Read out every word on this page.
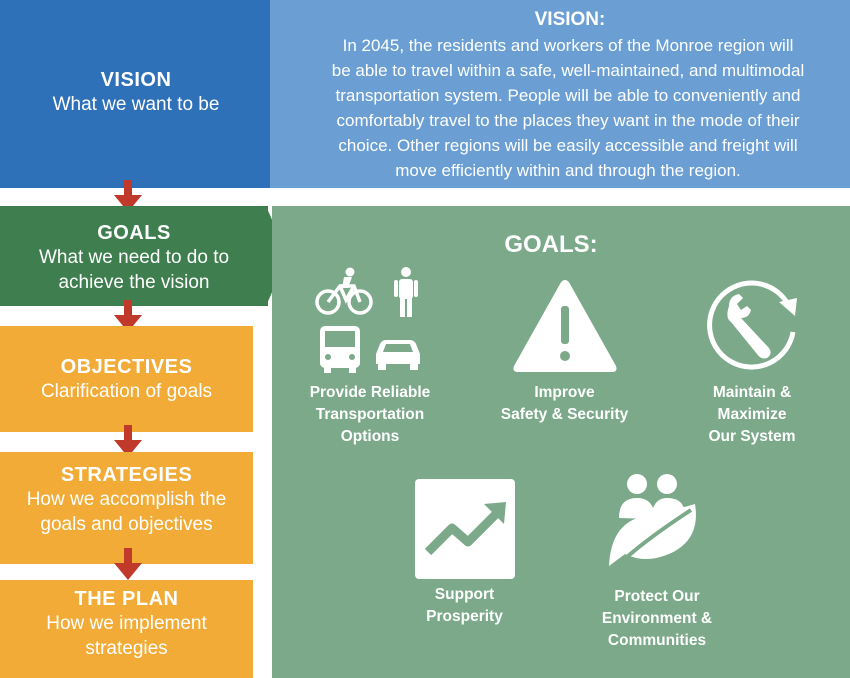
VISION
What we want to be
VISION:
In 2045, the residents and workers of the Monroe region will
be able to travel within a safe, well-maintained, and multimodal
transportation system. People will be able to conveniently and
comfortably travel to the places they want in the mode of their
choice. Other regions will be easily accessible and freight will
move efficiently within and through the region.
GOALS
What we need to do to
achieve the vision
OBJECTIVES
Clarification of goals
STRATEGIES
How we accomplish the
goals and objectives
THE PLAN
How we implement
strategies
GOALS:
Provide Reliable
Transportation
Options
Improve
Safety & Security
Maintain &
Maximize
Our System
Support
Prosperity
Protect Our
Environment &
Communities
